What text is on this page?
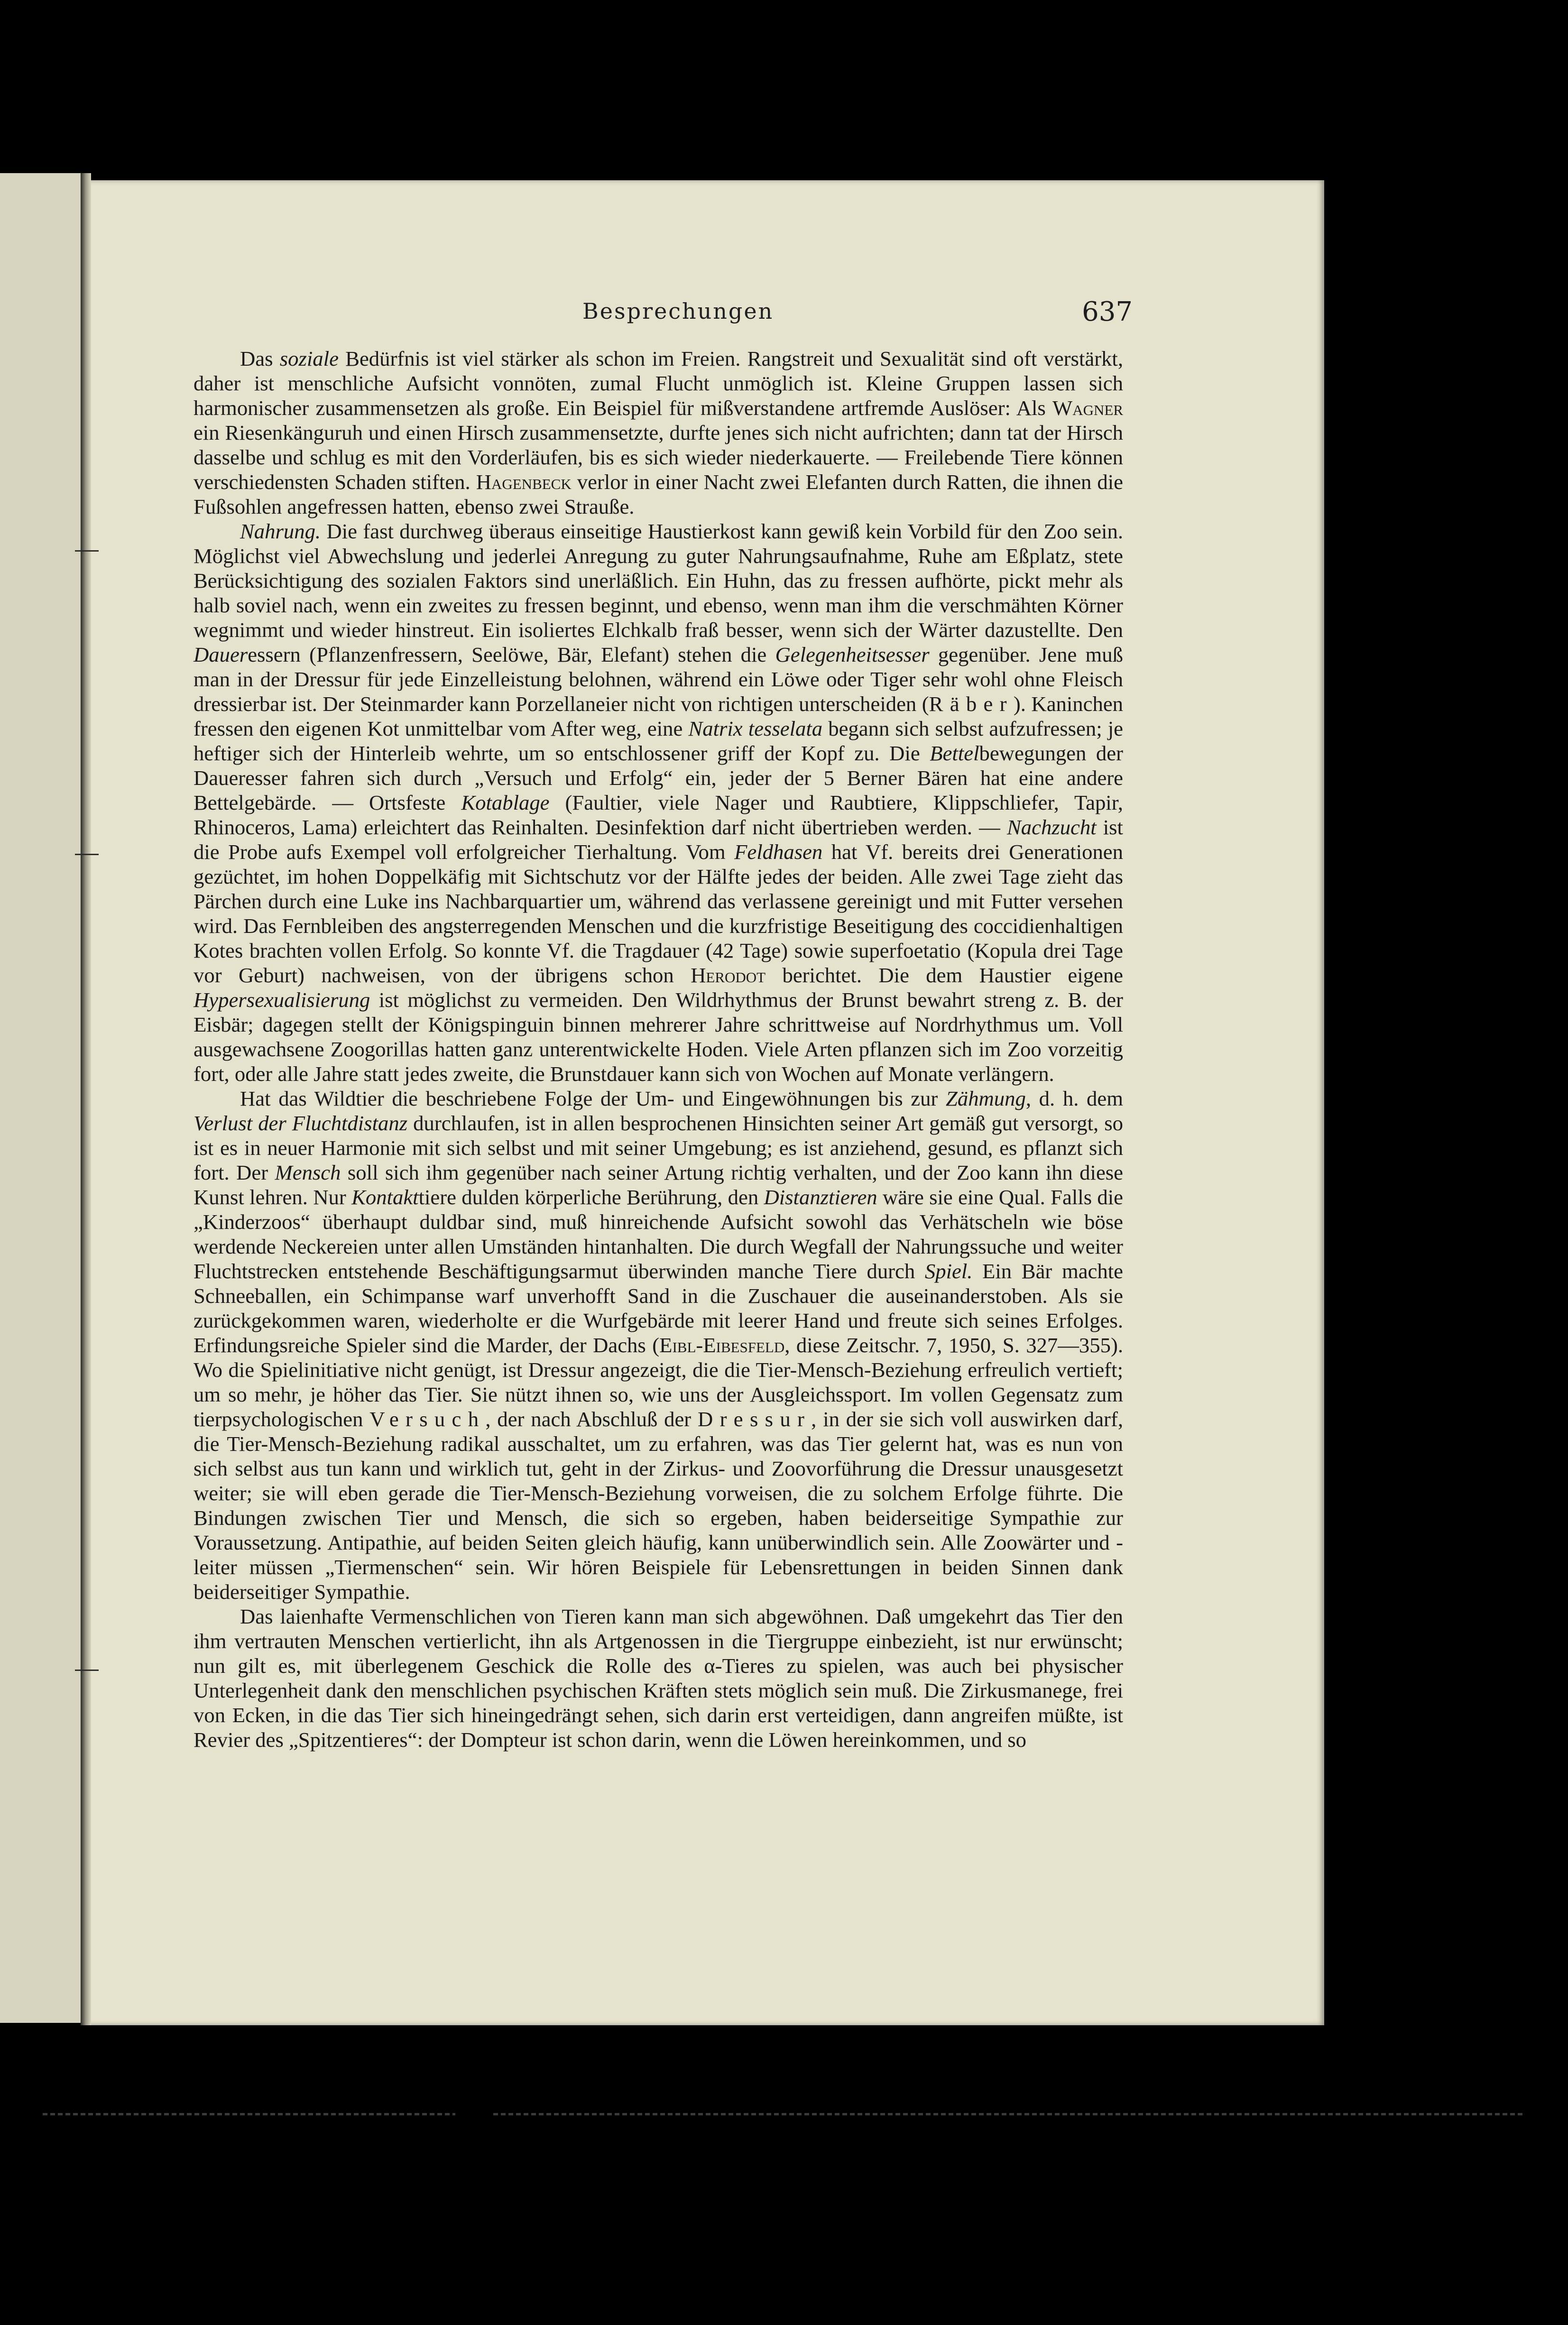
Besprechungen	637

Das soziale Bedürfnis ist viel stärker als schon im Freien. Rangstreit und Sexualität sind oft verstärkt, daher ist menschliche Aufsicht vonnöten, zumal Flucht unmöglich ist. Kleine Gruppen lassen sich harmonischer zusammensetzen als große. Ein Beispiel für mißverstandene artfremde Auslöser: Als Wagner ein Riesenkänguruh und einen Hirsch zusammensetzte, durfte jenes sich nicht aufrichten; dann tat der Hirsch dasselbe und schlug es mit den Vorderläufen, bis es sich wieder niederkauerte. — Freilebende Tiere können verschiedensten Schaden stiften. Hagenbeck verlor in einer Nacht zwei Elefanten durch Ratten, die ihnen die Fußsohlen angefressen hatten, ebenso zwei Strauße.

Nahrung. Die fast durchweg überaus einseitige Haustierkost kann gewiß kein Vorbild für den Zoo sein. Möglichst viel Abwechslung und jederlei Anregung zu guter Nahrungsaufnahme, Ruhe am Eßplatz, stete Berücksichtigung des sozialen Faktors sind unerläßlich. Ein Huhn, das zu fressen aufhörte, pickt mehr als halb soviel nach, wenn ein zweites zu fressen beginnt, und ebenso, wenn man ihm die verschmähten Körner wegnimmt und wieder hinstreut. Ein isoliertes Elchkalb fraß besser, wenn sich der Wärter dazustellte. Den Daueressern (Pflanzenfressern, Seelöwe, Bär, Elefant) stehen die Gelegenheitsesser gegenüber. Jene muß man in der Dressur für jede Einzelleistung belohnen, während ein Löwe oder Tiger sehr wohl ohne Fleisch dressierbar ist. Der Steinmarder kann Porzellaneier nicht von richtigen unterscheiden (Räber). Kaninchen fressen den eigenen Kot unmittelbar vom After weg, eine Natrix tesselata begann sich selbst aufzufressen; je heftiger sich der Hinterleib wehrte, um so entschlossener griff der Kopf zu. Die Bettelbewegungen der Daueresser fahren sich durch „Versuch und Erfolg“ ein, jeder der 5 Berner Bären hat eine andere Bettelgebärde. — Ortsfeste Kotablage (Faultier, viele Nager und Raubtiere, Klippschliefer, Tapir, Rhinoceros, Lama) erleichtert das Reinhalten. Desinfektion darf nicht übertrieben werden. — Nachzucht ist die Probe aufs Exempel voll erfolgreicher Tierhaltung. Vom Feldhasen hat Vf. bereits drei Generationen gezüchtet, im hohen Doppelkäfig mit Sichtschutz vor der Hälfte jedes der beiden. Alle zwei Tage zieht das Pärchen durch eine Luke ins Nachbarquartier um, während das verlassene gereinigt und mit Futter versehen wird. Das Fernbleiben des angsterregenden Menschen und die kurzfristige Beseitigung des coccidienhaltigen Kotes brachten vollen Erfolg. So konnte Vf. die Tragdauer (42 Tage) sowie superfoetatio (Kopula drei Tage vor Geburt) nachweisen, von der übrigens schon Herodot berichtet. Die dem Haustier eigene Hypersexualisierung ist möglichst zu vermeiden. Den Wildrhythmus der Brunst bewahrt streng z. B. der Eisbär; dagegen stellt der Königspinguin binnen mehrerer Jahre schrittweise auf Nordrhythmus um. Voll ausgewachsene Zoogorillas hatten ganz unterentwickelte Hoden. Viele Arten pflanzen sich im Zoo vorzeitig fort, oder alle Jahre statt jedes zweite, die Brunstdauer kann sich von Wochen auf Monate verlängern.

Hat das Wildtier die beschriebene Folge der Um- und Eingewöhnungen bis zur Zähmung, d. h. dem Verlust der Fluchtdistanz durchlaufen, ist in allen besprochenen Hinsichten seiner Art gemäß gut versorgt, so ist es in neuer Harmonie mit sich selbst und mit seiner Umgebung; es ist anziehend, gesund, es pflanzt sich fort. Der Mensch soll sich ihm gegenüber nach seiner Artung richtig verhalten, und der Zoo kann ihn diese Kunst lehren. Nur Kontakttiere dulden körperliche Berührung, den Distanztieren wäre sie eine Qual. Falls die „Kinderzoos“ überhaupt duldbar sind, muß hinreichende Aufsicht sowohl das Verhätscheln wie böse werdende Neckereien unter allen Umständen hintanhalten. Die durch Wegfall der Nahrungssuche und weiter Fluchtstrecken entstehende Beschäftigungsarmut überwinden manche Tiere durch Spiel. Ein Bär machte Schneeballen, ein Schimpanse warf unverhofft Sand in die Zuschauer die auseinanderstoben. Als sie zurückgekommen waren, wiederholte er die Wurfgebärde mit leerer Hand und freute sich seines Erfolges. Erfindungsreiche Spieler sind die Marder, der Dachs (Eibl-Eibesfeld, diese Zeitschr. 7, 1950, S. 327—355). Wo die Spielinitiative nicht genügt, ist Dressur angezeigt, die die Tier-Mensch-Beziehung erfreulich vertieft; um so mehr, je höher das Tier. Sie nützt ihnen so, wie uns der Ausgleichssport. Im vollen Gegensatz zum tierpsychologischen Versuch, der nach Abschluß der Dressur, in der sie sich voll auswirken darf, die Tier-Mensch-Beziehung radikal ausschaltet, um zu erfahren, was das Tier gelernt hat, was es nun von sich selbst aus tun kann und wirklich tut, geht in der Zirkus- und Zoovorführung die Dressur unausgesetzt weiter; sie will eben gerade die Tier-Mensch-Beziehung vorweisen, die zu solchem Erfolge führte. Die Bindungen zwischen Tier und Mensch, die sich so ergeben, haben beiderseitige Sympathie zur Voraussetzung. Antipathie, auf beiden Seiten gleich häufig, kann unüberwindlich sein. Alle Zoowärter und -leiter müssen „Tiermenschen“ sein. Wir hören Beispiele für Lebensrettungen in beiden Sinnen dank beiderseitiger Sympathie.

Das laienhafte Vermenschlichen von Tieren kann man sich abgewöhnen. Daß umgekehrt das Tier den ihm vertrauten Menschen vertierlicht, ihn als Artgenossen in die Tiergruppe einbezieht, ist nur erwünscht; nun gilt es, mit überlegenem Geschick die Rolle des α-Tieres zu spielen, was auch bei physischer Unterlegenheit dank den menschlichen psychischen Kräften stets möglich sein muß. Die Zirkusmanege, frei von Ecken, in die das Tier sich hineingedrängt sehen, sich darin erst verteidigen, dann angreifen müßte, ist Revier des „Spitzentieres“: der Dompteur ist schon darin, wenn die Löwen hereinkommen, und so
